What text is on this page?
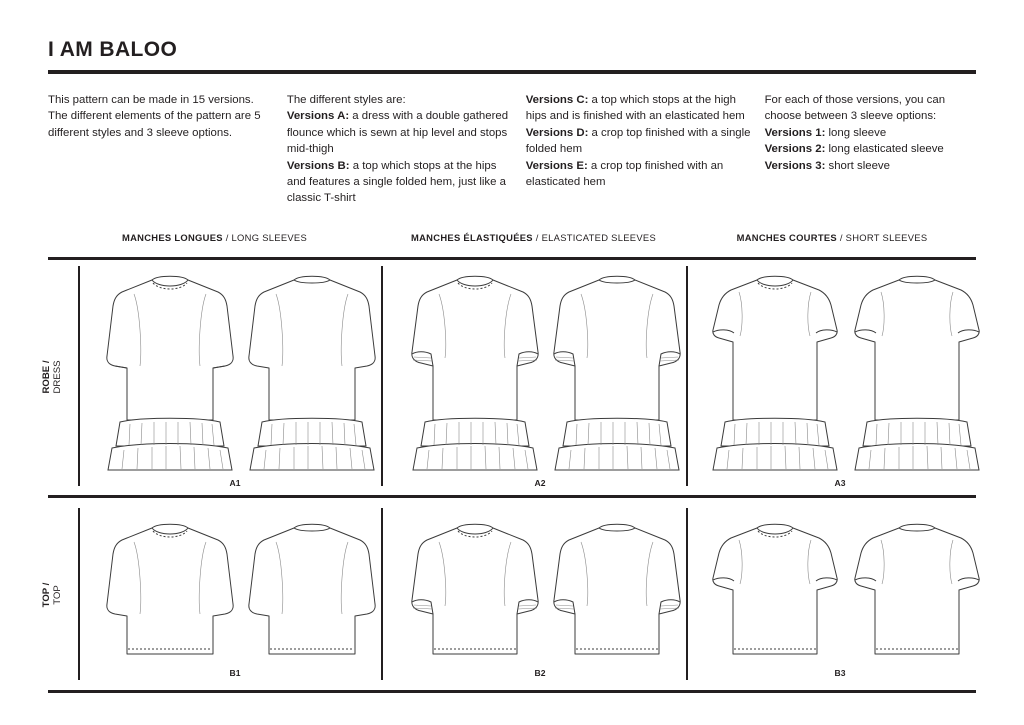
I AM BALOO

This pattern can be made in 15 versions. The different elements of the pattern are 5 different styles and 3 sleeve options.

The different styles are:

Versions A: a dress with a double gathered flounce which is sewn at hip level and stops mid-thigh

Versions B: a top which stops at the hips and features a single folded hem, just like a classic T-shirt

Versions C: a top which stops at the high hips and is finished with an elasticated hem

Versions D: a crop top finished with a single folded hem

Versions E: a crop top finished with an elasticated hem

For each of those versions, you can choose between 3 sleeve options:

Versions 1: long sleeve

Versions 2: long elasticated sleeve

Versions 3: short sleeve

MANCHES LONGUES / LONG SLEEVES	MANCHES ÉLASTIQUÉES / ELASTICATED SLEEVES	MANCHES COURTES / SHORT SLEEVES
ROBE /
DRESS
TOP /
TOP
A1	A2	A3
B1	B2	B3
